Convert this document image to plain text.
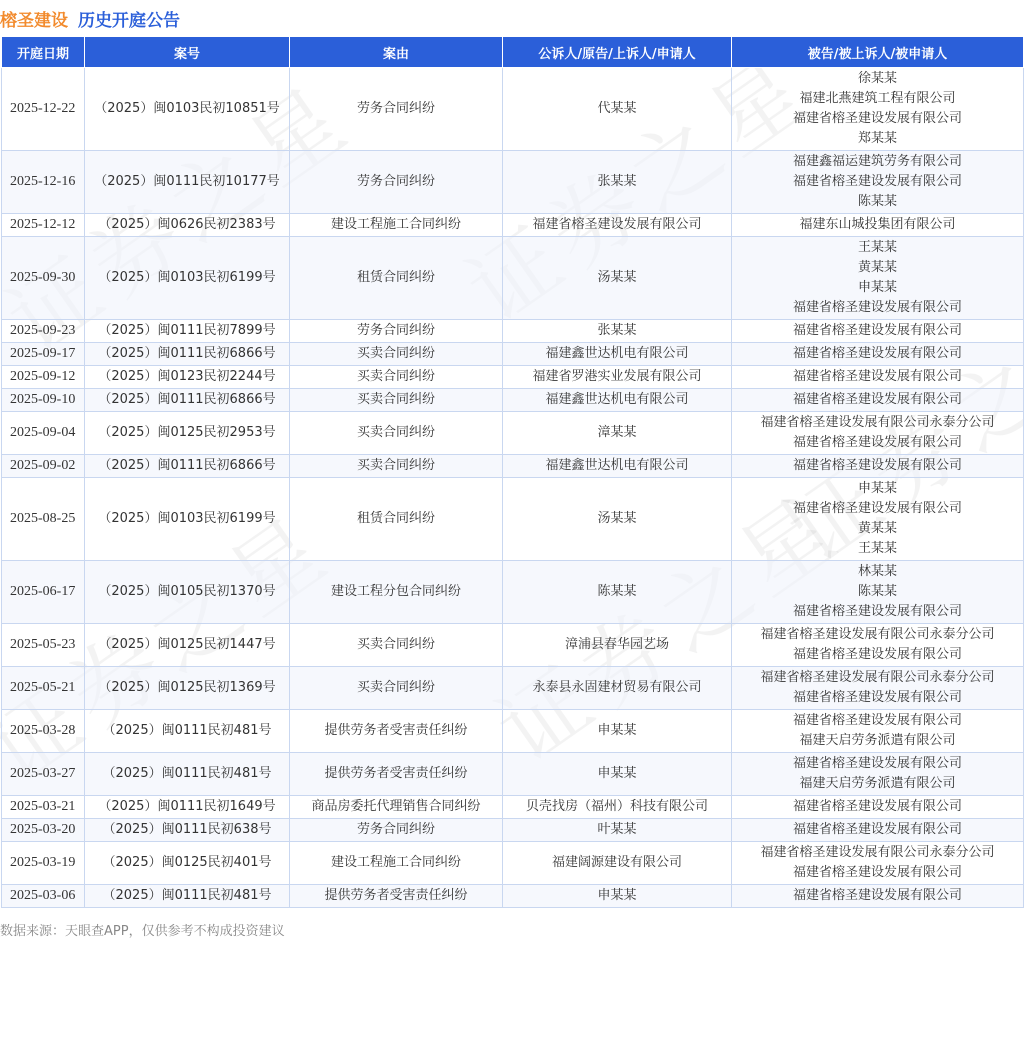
榕圣建设 历史开庭公告
开庭日期	案号	案由	公诉人/原告/上诉人/申请人	被告/被上诉人/被申请人
2025-12-22	（2025）闽0103民初10851号	劳务合同纠纷	代某某	徐某某
福建北燕建筑工程有限公司
福建省榕圣建设发展有限公司
郑某某

2025-12-16	（2025）闽0111民初10177号	劳务合同纠纷	张某某	福建鑫福运建筑劳务有限公司
福建省榕圣建设发展有限公司
陈某某

2025-12-12	（2025）闽0626民初2383号	建设工程施工合同纠纷	福建省榕圣建设发展有限公司	福建东山城投集团有限公司

2025-09-30	（2025）闽0103民初6199号	租赁合同纠纷	汤某某	王某某
黄某某
申某某
福建省榕圣建设发展有限公司

2025-09-23	（2025）闽0111民初7899号	劳务合同纠纷	张某某	福建省榕圣建设发展有限公司

2025-09-17	（2025）闽0111民初6866号	买卖合同纠纷	福建鑫世达机电有限公司	福建省榕圣建设发展有限公司

2025-09-12	（2025）闽0123民初2244号	买卖合同纠纷	福建省罗港实业发展有限公司	福建省榕圣建设发展有限公司

2025-09-10	（2025）闽0111民初6866号	买卖合同纠纷	福建鑫世达机电有限公司	福建省榕圣建设发展有限公司

2025-09-04	（2025）闽0125民初2953号	买卖合同纠纷	漳某某	福建省榕圣建设发展有限公司永泰分公司
福建省榕圣建设发展有限公司

2025-09-02	（2025）闽0111民初6866号	买卖合同纠纷	福建鑫世达机电有限公司	福建省榕圣建设发展有限公司

2025-08-25	（2025）闽0103民初6199号	租赁合同纠纷	汤某某	申某某
福建省榕圣建设发展有限公司
黄某某
王某某

2025-06-17	（2025）闽0105民初1370号	建设工程分包合同纠纷	陈某某	林某某
陈某某
福建省榕圣建设发展有限公司

2025-05-23	（2025）闽0125民初1447号	买卖合同纠纷	漳浦县春华园艺场	福建省榕圣建设发展有限公司永泰分公司
福建省榕圣建设发展有限公司

2025-05-21	（2025）闽0125民初1369号	买卖合同纠纷	永泰县永固建材贸易有限公司	福建省榕圣建设发展有限公司永泰分公司
福建省榕圣建设发展有限公司

2025-03-28	（2025）闽0111民初481号	提供劳务者受害责任纠纷	申某某	福建省榕圣建设发展有限公司
福建天启劳务派遣有限公司

2025-03-27	（2025）闽0111民初481号	提供劳务者受害责任纠纷	申某某	福建省榕圣建设发展有限公司
福建天启劳务派遣有限公司

2025-03-21	（2025）闽0111民初1649号	商品房委托代理销售合同纠纷	贝壳找房（福州）科技有限公司	福建省榕圣建设发展有限公司

2025-03-20	（2025）闽0111民初638号	劳务合同纠纷	叶某某	福建省榕圣建设发展有限公司

2025-03-19	（2025）闽0125民初401号	建设工程施工合同纠纷	福建阔源建设有限公司	福建省榕圣建设发展有限公司永泰分公司
福建省榕圣建设发展有限公司

2025-03-06	（2025）闽0111民初481号	提供劳务者受害责任纠纷	申某某	福建省榕圣建设发展有限公司
数据来源：天眼查APP，仅供参考不构成投资建议
